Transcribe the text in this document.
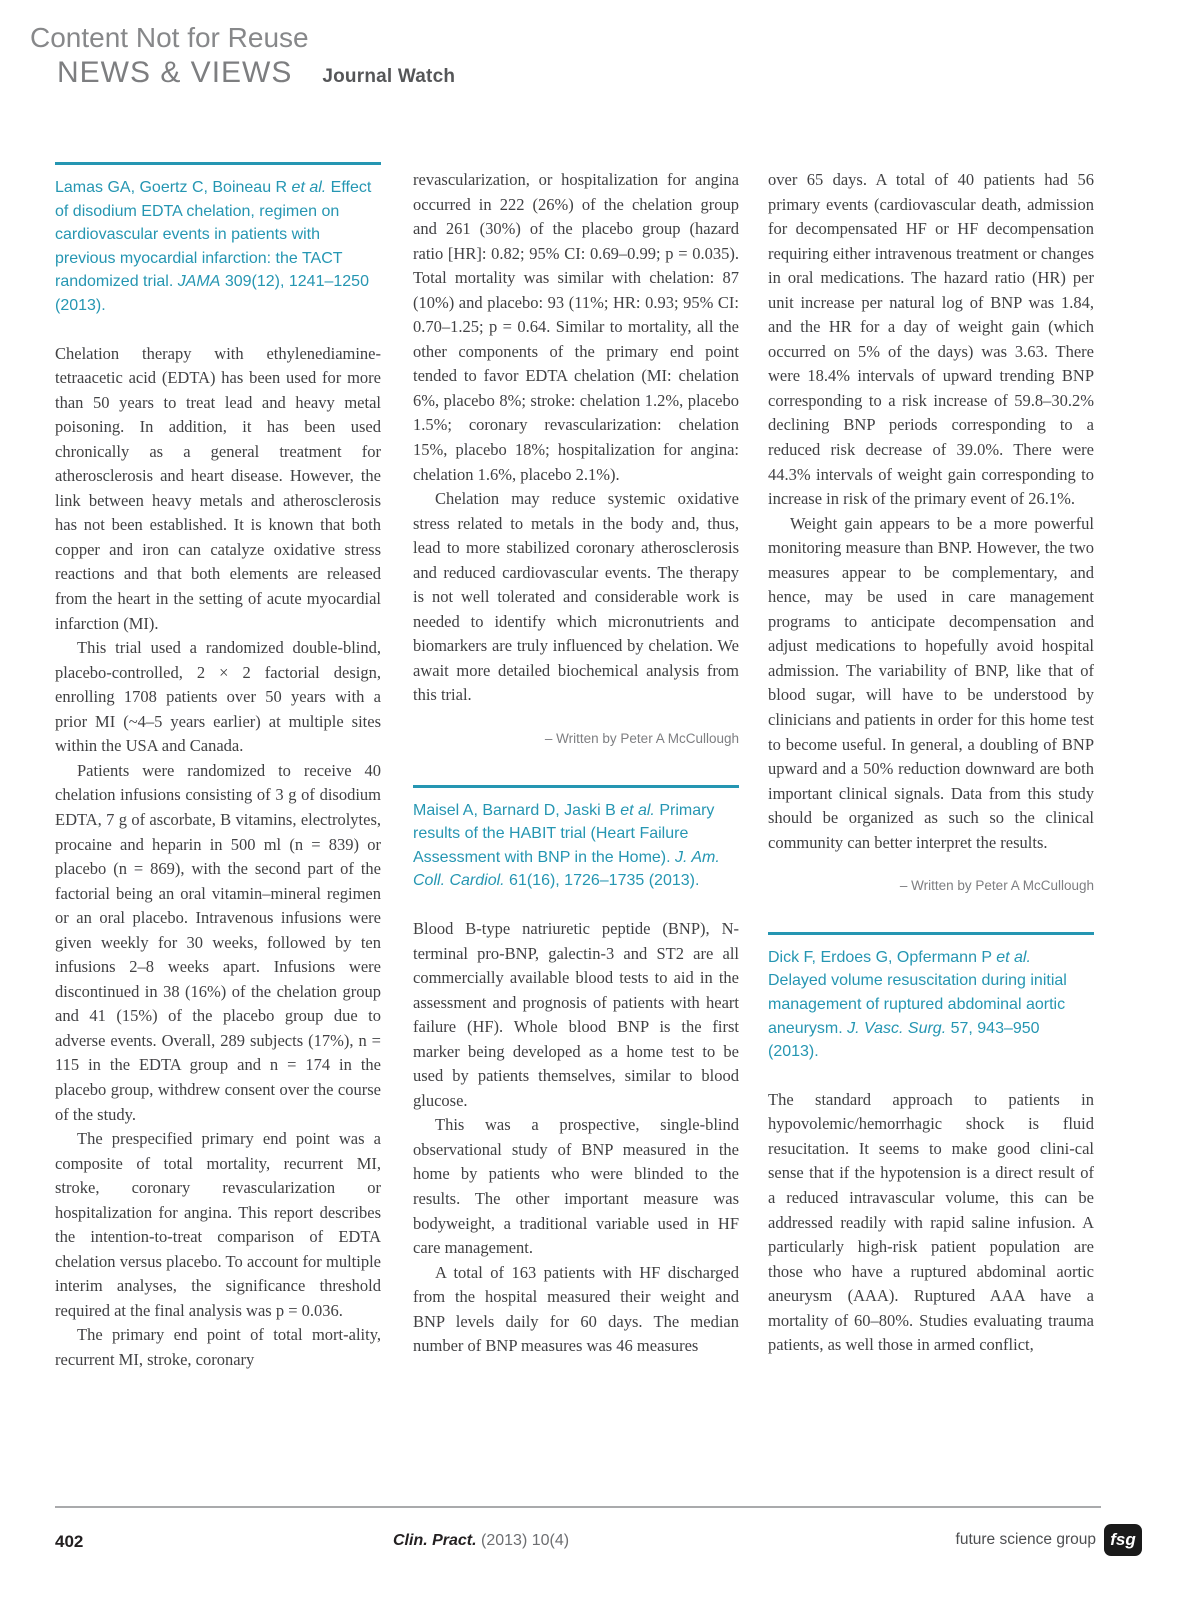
Content Not for Reuse
NEWS & VIEWS Journal Watch
Lamas GA, Goertz C, Boineau R et al. Effect of disodium EDTA chelation, regimen on cardiovascular events in patients with previous myocardial infarction: the TACT randomized trial. JAMA 309(12), 1241–1250 (2013).

Chelation therapy with ethylenediamine-tetraacetic acid (EDTA) has been used for more than 50 years to treat lead and heavy metal poisoning. In addition, it has been used chronically as a general treatment for atherosclerosis and heart disease. However, the link between heavy metals and atherosclerosis has not been established. It is known that both copper and iron can catalyze oxidative stress reactions and that both elements are released from the heart in the setting of acute myocardial infarction (MI).

This trial used a randomized double-blind, placebo-controlled, 2 × 2 factorial design, enrolling 1708 patients over 50 years with a prior MI (~4–5 years earlier) at multiple sites within the USA and Canada.

Patients were randomized to receive 40 chelation infusions consisting of 3 g of disodium EDTA, 7 g of ascorbate, B vitamins, electrolytes, procaine and heparin in 500 ml (n = 839) or placebo (n = 869), with the second part of the factorial being an oral vitamin–mineral regimen or an oral placebo. Intravenous infusions were given weekly for 30 weeks, followed by ten infusions 2–8 weeks apart. Infusions were discontinued in 38 (16%) of the chelation group and 41 (15%) of the placebo group due to adverse events. Overall, 289 subjects (17%), n = 115 in the EDTA group and n = 174 in the placebo group, withdrew consent over the course of the study.

The prespecified primary end point was a composite of total mortality, recurrent MI, stroke, coronary revascularization or hospitalization for angina. This report describes the intention-to-treat comparison of EDTA chelation versus placebo. To account for multiple interim analyses, the significance threshold required at the final analysis was p = 0.036.

The primary end point of total mort-ality, recurrent MI, stroke, coronary

revascularization, or hospitalization for angina occurred in 222 (26%) of the chelation group and 261 (30%) of the placebo group (hazard ratio [HR]: 0.82; 95% CI: 0.69–0.99; p = 0.035). Total mortality was similar with chelation: 87 (10%) and placebo: 93 (11%; HR: 0.93; 95% CI: 0.70–1.25; p = 0.64. Similar to mortality, all the other components of the primary end point tended to favor EDTA chelation (MI: chelation 6%, placebo 8%; stroke: chelation 1.2%, placebo 1.5%; coronary revascularization: chelation 15%, placebo 18%; hospitalization for angina: chelation 1.6%, placebo 2.1%).

Chelation may reduce systemic oxidative stress related to metals in the body and, thus, lead to more stabilized coronary atherosclerosis and reduced cardiovascular events. The therapy is not well tolerated and considerable work is needed to identify which micronutrients and biomarkers are truly influenced by chelation. We await more detailed biochemical analysis from this trial.

– Written by Peter A McCullough
Maisel A, Barnard D, Jaski B et al. Primary results of the HABIT trial (Heart Failure Assessment with BNP in the Home). J. Am. Coll. Cardiol. 61(16), 1726–1735 (2013).

Blood B-type natriuretic peptide (BNP), N-terminal pro-BNP, galectin-3 and ST2 are all commercially available blood tests to aid in the assessment and prognosis of patients with heart failure (HF). Whole blood BNP is the first marker being developed as a home test to be used by patients themselves, similar to blood glucose.

This was a prospective, single-blind observational study of BNP measured in the home by patients who were blinded to the results. The other important measure was bodyweight, a traditional variable used in HF care management.

A total of 163 patients with HF discharged from the hospital measured their weight and BNP levels daily for 60 days. The median number of BNP measures was 46 measures

over 65 days. A total of 40 patients had 56 primary events (cardiovascular death, admission for decompensated HF or HF decompensation requiring either intravenous treatment or changes in oral medications. The hazard ratio (HR) per unit increase per natural log of BNP was 1.84, and the HR for a day of weight gain (which occurred on 5% of the days) was 3.63. There were 18.4% intervals of upward trending BNP corresponding to a risk increase of 59.8–30.2% declining BNP periods corresponding to a reduced risk decrease of 39.0%. There were 44.3% intervals of weight gain corresponding to increase in risk of the primary event of 26.1%.

Weight gain appears to be a more powerful monitoring measure than BNP. However, the two measures appear to be complementary, and hence, may be used in care management programs to anticipate decompensation and adjust medications to hopefully avoid hospital admission. The variability of BNP, like that of blood sugar, will have to be understood by clinicians and patients in order for this home test to become useful. In general, a doubling of BNP upward and a 50% reduction downward are both important clinical signals. Data from this study should be organized as such so the clinical community can better interpret the results.

– Written by Peter A McCullough
Dick F, Erdoes G, Opfermann P et al. Delayed volume resuscitation during initial management of ruptured abdominal aortic aneurysm. J. Vasc. Surg. 57, 943–950 (2013).

The standard approach to patients in hypovolemic/hemorrhagic shock is fluid resucitation. It seems to make good clini-cal sense that if the hypotension is a direct result of a reduced intravascular volume, this can be addressed readily with rapid saline infusion. A particularly high-risk patient population are those who have a ruptured abdominal aortic aneurysm (AAA). Ruptured AAA have a mortality of 60–80%. Studies evaluating trauma patients, as well those in armed conflict,

402	Clin. Pract. (2013) 10(4)	future science group fsg
